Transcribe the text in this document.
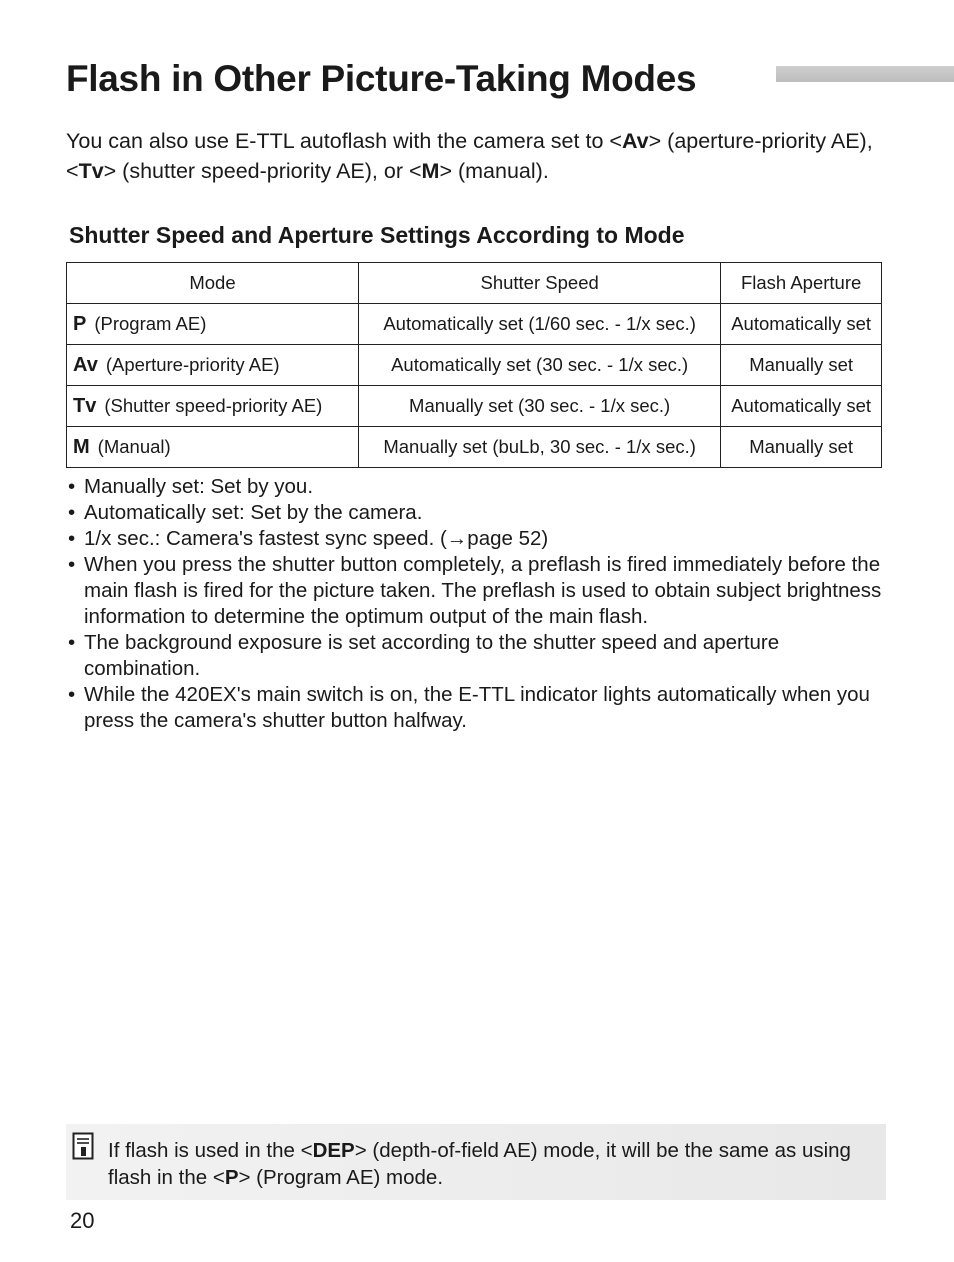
Flash in Other Picture-Taking Modes

You can also use E-TTL autoflash with the camera set to <Av> (aperture-priority AE), <Tv> (shutter speed-priority AE), or <M> (manual).

Shutter Speed and Aperture Settings According to Mode
Mode	Shutter Speed	Flash Aperture
P (Program AE)	Automatically set (1/60 sec. - 1/x sec.)	Automatically set
Av (Aperture-priority AE)	Automatically set (30 sec. - 1/x sec.)	Manually set
Tv (Shutter speed-priority AE)	Manually set (30 sec. - 1/x sec.)	Automatically set
M (Manual)	Manually set (buLb, 30 sec. - 1/x sec.)	Manually set
• Manually set: Set by you.
• Automatically set: Set by the camera.
• 1/x sec.: Camera's fastest sync speed. (→page 52)
• When you press the shutter button completely, a preflash is fired immediately before the main flash is fired for the picture taken. The preflash is used to obtain subject brightness information to determine the optimum output of the main flash.
• The background exposure is set according to the shutter speed and aperture combination.
• While the 420EX's main switch is on, the E-TTL indicator lights automatically when you press the camera's shutter button halfway.

If flash is used in the <DEP> (depth-of-field AE) mode, it will be the same as using flash in the <P> (Program AE) mode.

20
